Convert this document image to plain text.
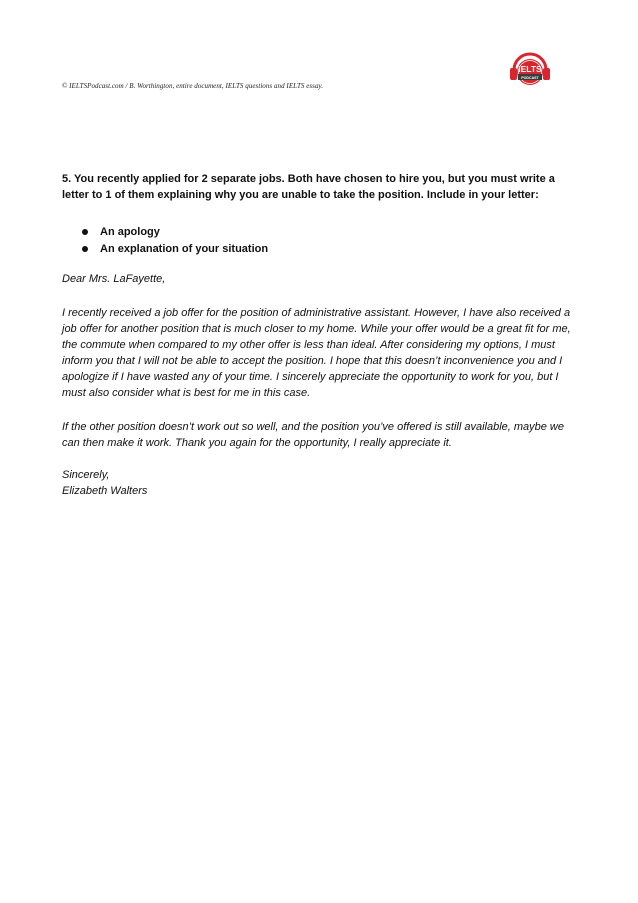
© IELTSPodcast.com / B. Worthington, entire document, IELTS questions and IELTS essay.
IELTS
PODCAST

5. You recently applied for 2 separate jobs. Both have chosen to hire you, but you must write a letter to 1 of them explaining why you are unable to take the position. Include in your letter:

An apology
An explanation of your situation

Dear Mrs. LaFayette,

I recently received a job offer for the position of administrative assistant. However, I have also received a job offer for another position that is much closer to my home. While your offer would be a great fit for me, the commute when compared to my other offer is less than ideal. After considering my options, I must inform you that I will not be able to accept the position. I hope that this doesn’t inconvenience you and I apologize if I have wasted any of your time. I sincerely appreciate the opportunity to work for you, but I must also consider what is best for me in this case.

If the other position doesn’t work out so well, and the position you’ve offered is still available, maybe we can then make it work. Thank you again for the opportunity, I really appreciate it.

Sincerely,

Elizabeth Walters
